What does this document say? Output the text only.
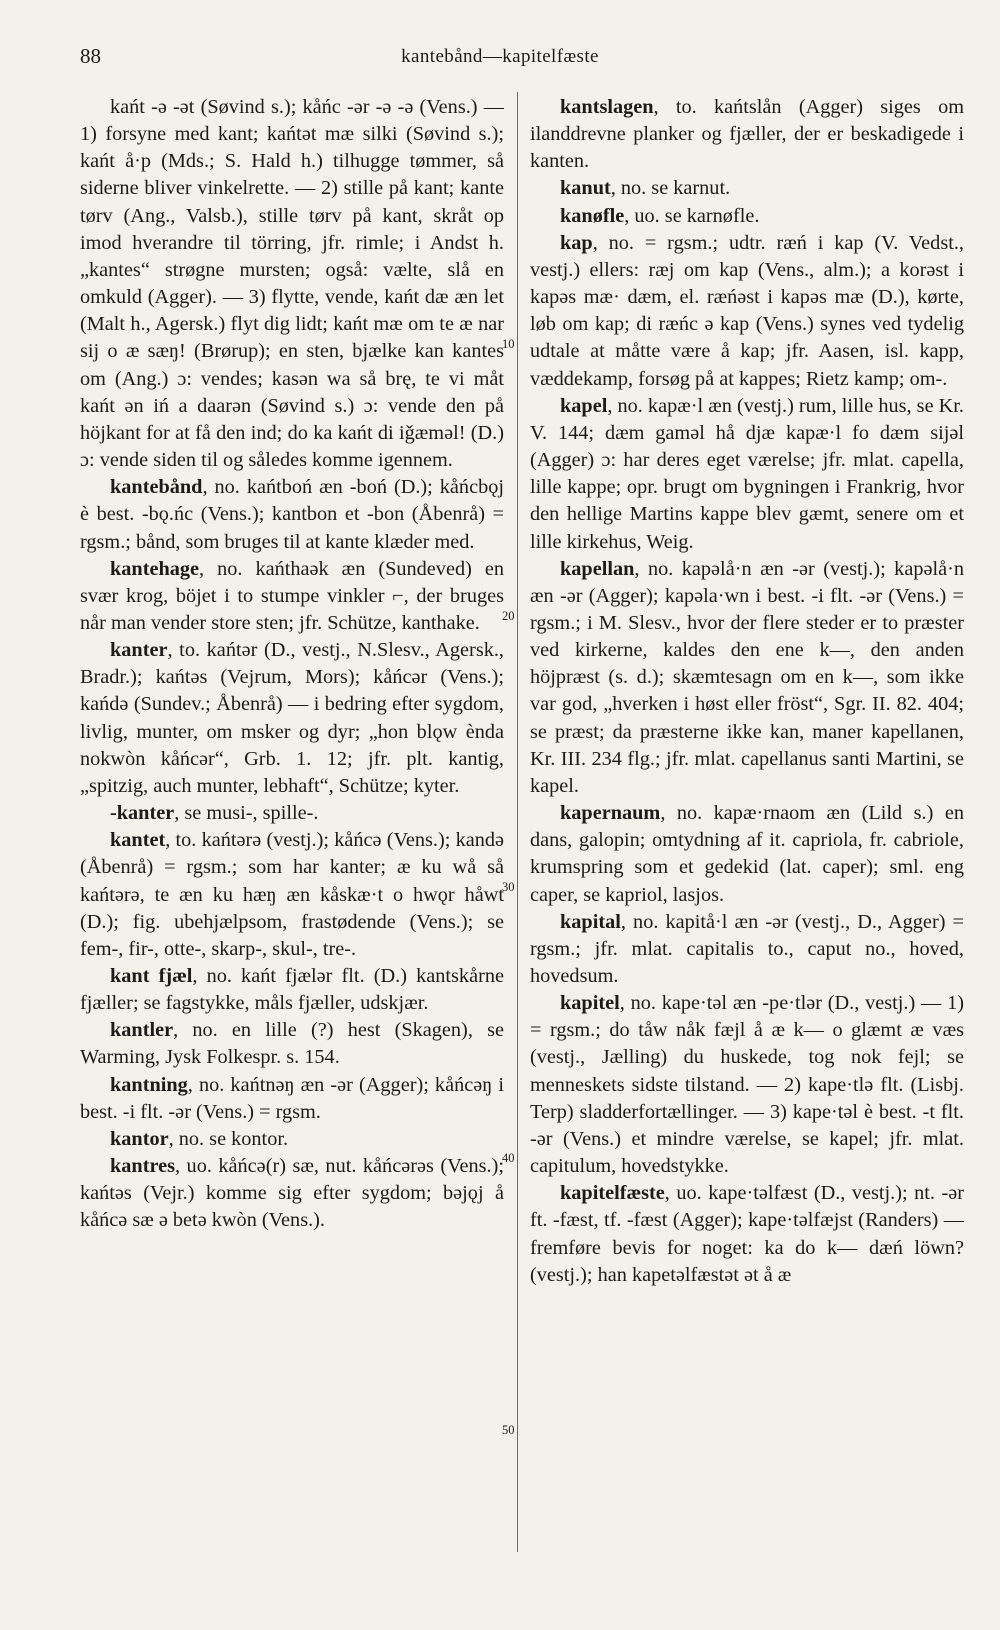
88	kantebånd—kapitelfæste
10
20
30
40
50

kańt -ə -ət (Søvind s.); kåńc -ər -ə -ə (Vens.) — 1) forsyne med kant; kańtət mæ silki (Søvind s.); kańt å·p (Mds.; S. Hald h.) tilhugge tømmer, så siderne bliver vinkelrette. — 2) stille på kant; kante tørv (Ang., Valsb.), stille tørv på kant, skråt op imod hverandre til törring, jfr. rimle; i Andst h. „kantes“ strøgne mursten; også: vælte, slå en omkuld (Agger). — 3) flytte, vende, kańt dæ æn let (Malt h., Agersk.) flyt dig lidt; kańt mæ om te æ nar sij o æ sæŋ! (Brørup); en sten, bjælke kan kantes om (Ang.) ɔ: vendes; kasən wa så brę, te vi måt kańt ən iń a daarən (Søvind s.) ɔ: vende den på höjkant for at få den ind; do ka kańt di iǧæməl! (D.) ɔ: vende siden til og således komme igennem.

kantebånd, no. kańtboń æn -boń (D.); kåńcbǫj è best. -bǫ.ńc (Vens.); kantbon et -bon (Åbenrå) = rgsm.; bånd, som bruges til at kante klæder med.

kantehage, no. kańthaək æn (Sundeved) en svær krog, böjet i to stumpe vinkler ⌐, der bruges når man vender store sten; jfr. Schütze, kanthake.

kanter, to. kańtər (D., vestj., N.Slesv., Agersk., Bradr.); kańtəs (Vejrum, Mors); kåńcər (Vens.); kańdə (Sundev.; Åbenrå) — i bedring efter sygdom, livlig, munter, om msker og dyr; „hon blǫw ènda nokwòn kåńcər“, Grb. 1. 12; jfr. plt. kantig, „spitzig, auch munter, lebhaft“, Schütze; kyter.

-kanter, se musi-, spille-.

kantet, to. kańtərə (vestj.); kåńcə (Vens.); kandə (Åbenrå) = rgsm.; som har kanter; æ ku wå så kańtərə, te æn ku hæŋ æn kåskæ·t o hwǫr håwt (D.); fig. ubehjælpsom, frastødende (Vens.); se fem-, fir-, otte-, skarp-, skul-, tre-.

kant fjæl, no. kańt fjælər flt. (D.) kantskårne fjæller; se fagstykke, måls fjæller, udskjær.

kantler, no. en lille (?) hest (Skagen), se Warming, Jysk Folkespr. s. 154.

kantning, no. kańtnəŋ æn -ər (Agger); kåńcəŋ i best. -i flt. -ər (Vens.) = rgsm.

kantor, no. se kontor.

kantres, uo. kåńcə(r) sæ, nut. kåńcərəs (Vens.); kańtəs (Vejr.) komme sig efter sygdom; bəjǫj å kåńcə sæ ə betə kwòn (Vens.).

kantslagen, to. kańtslån (Agger) siges om ilanddrevne planker og fjæller, der er beskadigede i kanten.

kanut, no. se karnut.

kanøfle, uo. se karnøfle.

kap, no. = rgsm.; udtr. ræń i kap (V. Vedst., vestj.) ellers: ræj om kap (Vens., alm.); a korəst i kapəs mæ· dæm, el. ræńəst i kapəs mæ (D.), kørte, løb om kap; di ræńc ə kap (Vens.) synes ved tydelig udtale at måtte være å kap; jfr. Aasen, isl. kapp, væddekamp, forsøg på at kappes; Rietz kamp; om-.

kapel, no. kapæ·l æn (vestj.) rum, lille hus, se Kr. V. 144; dæm gaməl hå djæ kapæ·l fo dæm sijəl (Agger) ɔ: har deres eget værelse; jfr. mlat. capella, lille kappe; opr. brugt om bygningen i Frankrig, hvor den hellige Martins kappe blev gæmt, senere om et lille kirkehus, Weig.

kapellan, no. kapəlå·n æn -ər (vestj.); kapəlå·n æn -ər (Agger); kapəla·wn i best. -i flt. -ər (Vens.) = rgsm.; i M. Slesv., hvor der flere steder er to præster ved kirkerne, kaldes den ene k—, den anden höjpræst (s. d.); skæmtesagn om en k—, som ikke var god, „hverken i høst eller fröst“, Sgr. II. 82. 404; se præst; da præsterne ikke kan, maner kapellanen, Kr. III. 234 flg.; jfr. mlat. capellanus santi Martini, se kapel.

kapernaum, no. kapæ·rnaom æn (Lild s.) en dans, galopin; omtydning af it. capriola, fr. cabriole, krumspring som et gedekid (lat. caper); sml. eng caper, se kapriol, lasjos.

kapital, no. kapitå·l æn -ər (vestj., D., Agger) = rgsm.; jfr. mlat. capitalis to., caput no., hoved, hovedsum.

kapitel, no. kape·təl æn -pe·tlər (D., vestj.) — 1) = rgsm.; do tåw nåk fæjl å æ k— o glæmt æ væs (vestj., Jælling) du huskede, tog nok fejl; se menneskets sidste tilstand. — 2) kape·tlə flt. (Lisbj. Terp) sladderfortællinger. — 3) kape·təl è best. -t flt. -ər (Vens.) et mindre værelse, se kapel; jfr. mlat. capitulum, hovedstykke.

kapitelfæste, uo. kape·təlfæst (D., vestj.); nt. -ər ft. -fæst, tf. -fæst (Agger); kape·təlfæjst (Randers) — fremføre bevis for noget: ka do k— dæń löwn? (vestj.); han kapetəlfæstət ət å æ
